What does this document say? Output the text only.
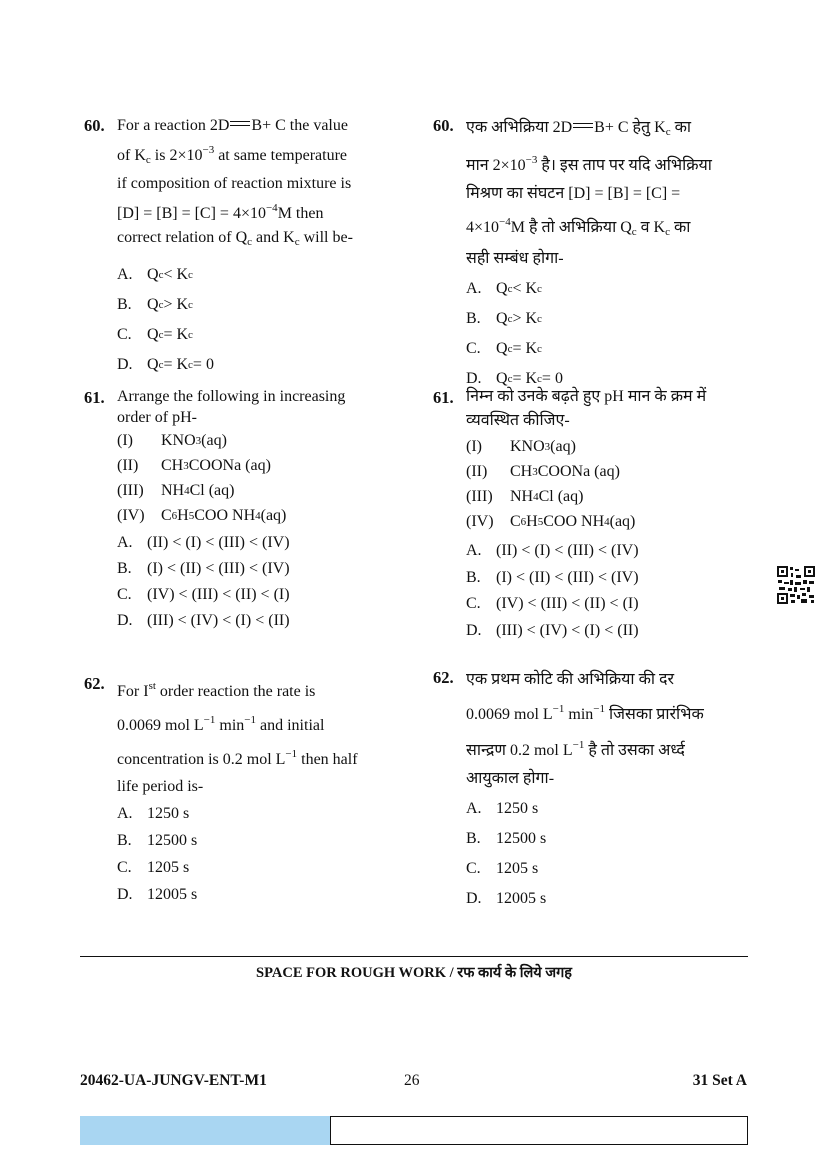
60. For a reaction 2D B+ C the value
of $K_c$ is $2\times 10^{-3}$ at same temperature
if composition of reaction mixture is
$[D] = [B] = [C] = 4\times 10^{-4}M$ then
correct relation of $Q_c$ and $K_c$ will be-
A. Q c < K c
B. Q c > K c
C. Q c = K c
D. Q c = K c = 0
61. Arrange the following in increasing
order of pH-
(I)	KNO 3 (aq)
(II)	CH 3 COONa (aq)
(III)	NH 4 Cl (aq)
(IV)	C 6 H 5 COO NH 4 (aq)
A. (II) < (I) < (III) < (IV)
B. (I) < (II) < (III) < (IV)
C. (IV) < (III) < (II) < (I)
D. (III) < (IV) < (I) < (II)
62. For Ist order reaction the rate is
0.0069 mol $L^{-1}$ $\min^{-1}$ and initial
concentration is 0.2 mol $L^{-1}$ then half
life period is-
A. 1250 s
B. 12500 s
C. 1205 s
D. 12005 s
60. एक अभिक्रिया 2D B+ C हेतु $K_c$ का
मान $2\times 10^{-3}$ है। इस ताप पर यदि अभिक्रिया
मिश्रण का संघटन [D] = [B] = [C] =
$4\times 10^{-4}M$ है तो अभिक्रिया $Q_c$ व $K_c$ का
सही सम्बंध होगा-
A. Q c < K c
B. Q c > K c
C. Q c = K c
D. Q c = K c = 0
61. निम्न को उनके बढ़ते हुए pH मान के क्रम में
व्यवस्थित कीजिए-
(I)	KNO 3 (aq)
(II)	CH 3 COONa (aq)
(III)	NH 4 Cl (aq)
(IV)	C 6 H 5 COO NH 4 (aq)
A. (II) < (I) < (III) < (IV)
B. (I) < (II) < (III) < (IV)
C. (IV) < (III) < (II) < (I)
D. (III) < (IV) < (I) < (II)
62. एक प्रथम कोटि की अभिक्रिया की दर
0.0069 mol $L^{-1}$ $\min^{-1}$ जिसका प्रारंभिक
सान्द्रण 0.2 mol $L^{-1}$ है तो उसका अर्ध्द
आयुकाल होगा-
A. 1250 s
B. 12500 s
C. 1205 s
D. 12005 s
SPACE FOR ROUGH WORK / रफ कार्य के लिये जगह
20462-UA-JUNGV-ENT-M1	26	31 Set A
